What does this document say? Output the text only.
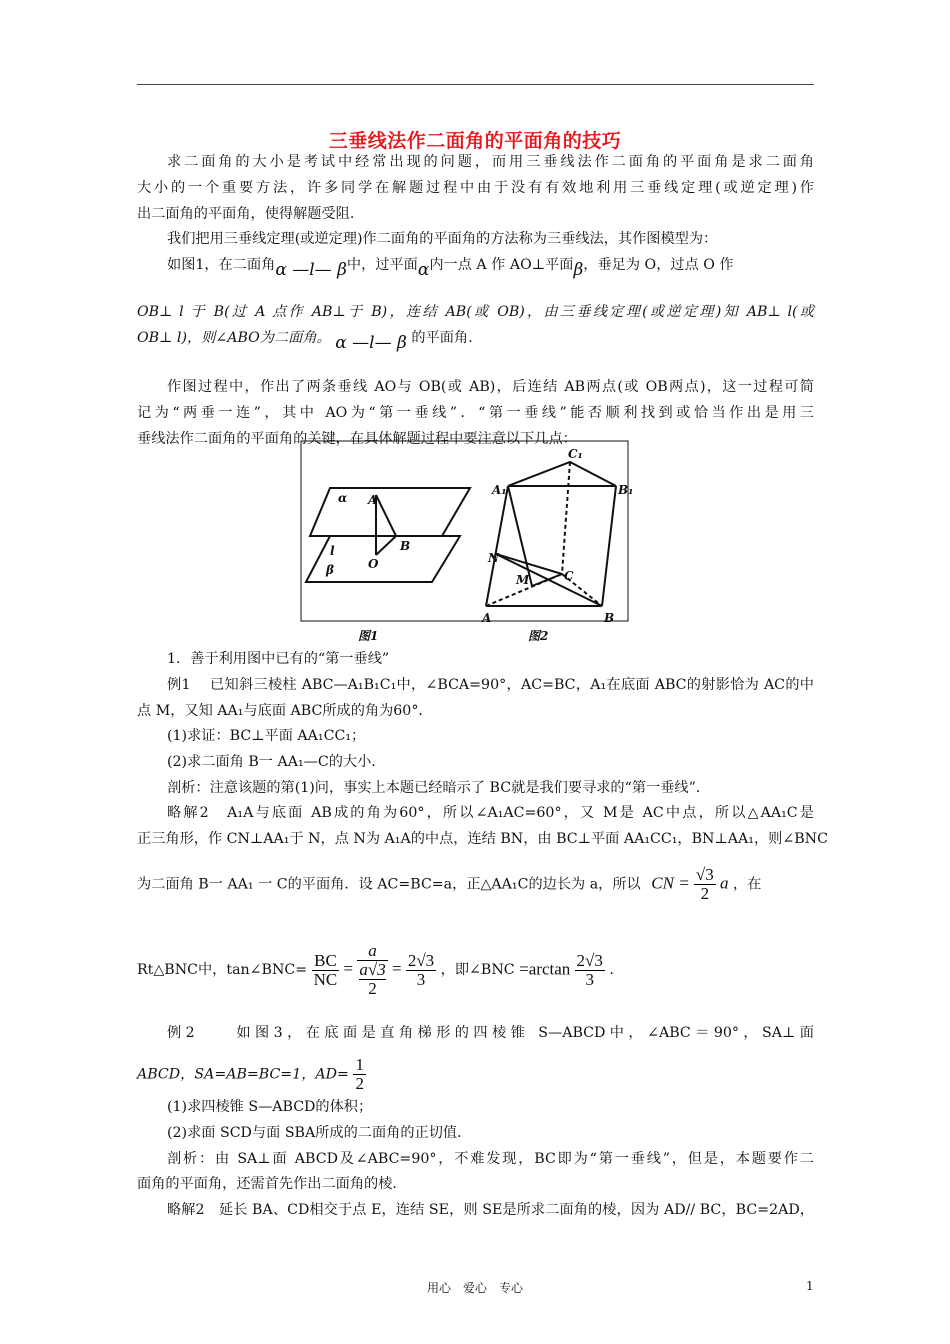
三垂线法作二面角的平面角的技巧
求二面角的大小是考试中经常出现的问题，而用三垂线法作二面角的平面角是求二面角
大小的一个重要方法，许多同学在解题过程中由于没有有效地利用三垂线定理(或逆定理)作
出二面角的平面角，使得解题受阻.
我们把用三垂线定理(或逆定理)作二面角的平面角的方法称为三垂线法，其作图模型为：
如图1，在二面角α —l— β中，过平面α内一点 A 作 AO⊥平面β，垂足为 O，过点 O 作
OB⊥ l 于 B(过 A 点作 AB⊥于 B)，连结 AB(或 OB)，由三垂线定理(或逆定理)知 AB⊥ l(或
OB⊥ l)，则∠ABO为二面角。 α —l— β 的平面角.
作图过程中，作出了两条垂线 AO与 OB(或 AB)，后连结 AB两点(或 OB两点)，这一过程可简
记为“两垂一连”，其中 AO为“第一垂线”．“第一垂线”能否顺利找到或恰当作出是用三
垂线法作二面角的平面角的关键，在具体解题过程中要注意以下几点：
α
l
A
B
O
β
A₁	B₁
C₁
A	B
C
N
M
图1	图2
1．善于利用图中已有的“第一垂线”
例1　 已知斜三棱柱 ABC—A₁B₁C₁中，∠BCA=90°，AC=BC，A₁在底面 ABC的射影恰为 AC的中
点 M，又知 AA₁与底面 ABC所成的角为60°．
(1)求证：BC⊥平面 AA₁CC₁；
(2)求二面角 B一 AA₁—C的大小．
剖析：注意该题的第(1)问，事实上本题已经暗示了 BC就是我们要寻求的“第一垂线”．
略解2　A₁A与底面 AB成的角为60°，所以∠A₁AC=60°，又 M是 AC中点，所以△AA₁C是
正三角形，作 CN⊥AA₁于 N，点 N为 A₁A的中点，连结 BN，由 BC⊥平面 AA₁CC₁，BN⊥AA₁，则∠BNC
为二面角 B一 AA₁ 一 C的平面角．设 AC=BC=a，正△AA₁C的边长为 a，所以 CN = $\frac{√3}{2}$ a ，在
Rt△BNC中，tan∠BNC= $\frac{BC}{NC} = a$
a√3
$2 = \frac{2√3}{3}$ ，即∠BNC $=\arctan \frac{2√3}{3}$ .
例2　　如图3，在底面是直角梯形的四棱锥 S—ABCD中，∠ABC＝90°，SA⊥面
ABCD，SA=AB=BC=1，$AD= \frac{1}{2}$
(1)求四棱锥 S—ABCD的体积；
(2)求面 SCD与面 SBA所成的二面角的正切值．
剖析：由 SA⊥面 ABCD及∠ABC=90°，不难发现，BC即为“第一垂线”，但是，本题要作二
面角的平面角，还需首先作出二面角的棱．
略解2　延长 BA、CD相交于点 E，连结 SE，则 SE是所求二面角的棱，因为 AD// BC，BC=2AD，
用心　爱心　专心	1
